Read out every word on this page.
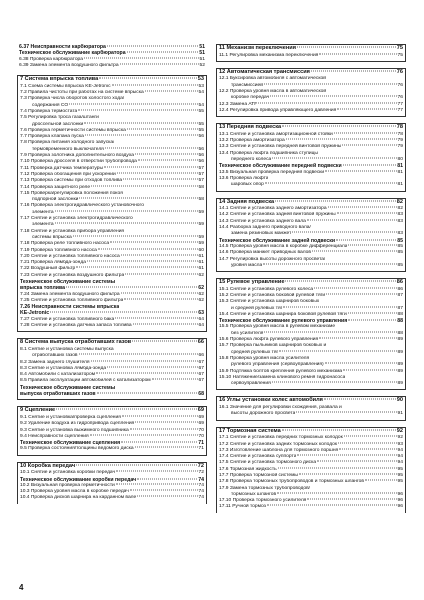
6.37 Неисправности карбюратора	51
Техническое обслуживание карбюратора	51
6.38 Проверка карбюратора	51
6.39 Замена элемента воздушного фильтра	52
7 Система впрыска топлива	53
7.1 Схема системы впрыска KE-Jetronic	53
7.2 Правила чистоты при работах на системе впрыска	54
7.3 Проверка числа оборотов холостого хода/
содержания CO	54
7.4 Проверка термостата	55
7.5 Регулировка троса газа/штанги
дроссельной заслонки	55
7.6 Проверка герметичности системы впрыска	55
7.7 Проверка клапана пуска	56
7.8 Проверка питания холодного запуска/
термовременного выключателя	56
7.9 Проверка золотника дополнительного воздуха	56
7.10 Проверка дросселя в отверстии трубопровода	56
7.11 Проверка датчика температуры	57
7.12 Проверка обогащения при ускорении	57
7.13 Проверка системы при отходов топлива	57
7.14 Проверка защитного реле	58
7.15 Проверка/регулировка положения покоя
подпорной заслонки	58
7.16 Проверка электрогидравлического установочного
элемента	59
7.17 Снятие и установка электрогидравлического
элемента	59
7.18 Снятие и установка прибора управления
системы впрыска	59
7.18 Проверка реле топливного насоса	59
7.19 Проверка топливного насоса	60
7.20 Снятие и установка топливного насоса	61
7.21 Проверка лямбда-зонда	61
7.22 Воздушный фильтр	61
7.23 Снятие и установка воздушного фильтра	62
Техническое обслуживание системы
впрыска топлива	62
7.24 Замена элемента воздушного фильтра	62
7.25 Снятие и установка топливного фильтра	62
7.26 Неисправности системы впрыска
KE-Jetronic	63
7.27 Снятие и установка топливного бака	64
7.28 Снятие и установка датчика запаса топлива	64
8 Система выпуска отработавших газов	66
8.1 Снятие и установка системы выпуска
отработавших газов	66
8.2 Замена заднего глушителя	67
8.3 Снятие и установка лямбда-зонда	67
8.4 Автомобили с катализатором	67
8.5 Правила эксплуатации автомобилей с катализатором	67
Техническое обслуживание системы
выпуска отработавших газов	68
9 Сцепление	69
9.1 Снятие и установка/проверка сцепления	69
9.2 Удаление воздуха из гидропривода сцепления	69
9.3 Снятие и установка выжимного подшипника	70
9.4 Неисправности сцепления	70
Техническое обслуживание сцепления	71
9.5 Проверка состояния/толщины ведомого диска	71
10 Коробка передач	72
10.1 Снятие и установка коробки передач	72
Техническое обслуживание коробки передач	74
10.2 Визуальная проверка герметичности	74
10.3 Проверка уровня масла в коробке передач	74
10.4 Проверка дисков шарнира на карданном вале	74
11 Механизм переключения	75
11.1 Регулировка механизма переключения	75
12 Автоматическая трансмиссия	76
12.1 Буксировка автомобиля с автоматической
трансмиссией	76
12.2 Проверка уровня масла в автоматической
коробке передач	76
12.3 Замена ATF	77
12.4 Регулировка привода управляющего давления	77
13 Передняя подвеска	78
13.1 Снятие и установка амортизационной стойки	78
13.2 Проверка амортизатора	79
13.3 Снятие и установка передней винтовой пружины	79
13.4 Проверка люфта подшипника ступицы
переднего колеса	80
Техническое обслуживание передней подвески	81
13.5 Визуальная проверка передней подвески	81
13.6 Проверка люфта
шаровых опор	81
14 Задняя подвеска	82
14.1 Снятие и установка заднего амортизатора	82
14.2 Снятие и установка задней винтовой пружины	83
14.3 Снятие и установка заднего вала	83
14.4 Разборка заднего приводного вала/
замена резиновых манжет	83
Техническое обслуживание задней подвески	85
14.5 Проверка уровня масла в коробке дифференциала	85
14.6 Проверка манжет приводных валов	85
14.7 Регулировка высоты дорожного просвета/
уровня масла	85
15 Рулевое управление	86
15.1 Снятие и установка рулевого колеса	86
15.2 Снятие и установка боковой рулевой тяги	87
15.3 Снятие и установка шарниров боковых
и средней рулевых тяг	87
15.4 Снятие и установка шарнира боковой рулевой тяги	88
Техническое обслуживание рулевого управления	88
15.5 Проверка уровня масла в рулевом механизме
без усилителя	88
15.6 Проверка люфта рулевого управления	89
15.7 Проверка пыльников шарниров боковых и
средней рулевых тяг	89
15.8 Проверка уровня масла усилителя
рулевого управления (сервоуправления)	89
15.9 Подтяжка болтов крепления рулевого механизма	89
15.10 Натяжение/замена клинового ремня гидронасоса
сервоуправления	89
16 Углы установки колес автомобиля	90
16.1 Значение для регулировки схождения, развала и
высоты дорожного просвета	91
17 Тормозная система	92
17.1 Снятие и установка передних тормозных колодок	92
17.2 Снятие и установка задних тормозных колодок	93
17.3 Изготовление шаблона для тормозного поршня	94
17.4 Снятие и установка суппорта	94
17.5 Снятие и установка тормозного диска	94
17.6 Тормозная жидкость	95
17.7 Проверка тормозной системы	95
17.8 Проверка тормозных трубопроводов и тормозных шлангов	95
17.9 Замена тормозных трубопроводов/
тормозных шлангов	96
17.10 Проверка тормозного усилителя	96
17.11 Ручной тормоз	96
4
